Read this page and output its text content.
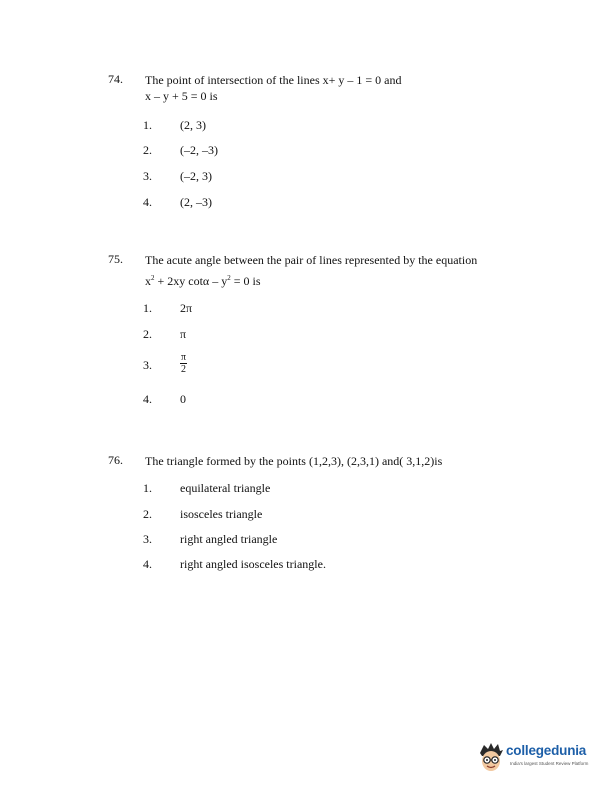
74. The point of intersection of the lines x+ y – 1 = 0 and
x – y + 5 = 0 is
1. (2, 3)
2. (–2, –3)
3. (–2, 3)
4. (2, –3)
75. The acute angle between the pair of lines represented by the equation
$x^2 + 2xy$ $\cot\alpha - y^2 = 0$ is
1. 2π
2. π
3.	$\frac{\pi}{2}$
4. 0
76. The triangle formed by the points (1,2,3), (2,3,1) and( 3,1,2)is
1. equilateral triangle
2. isosceles triangle
3. right angled triangle
4. right angled isosceles triangle.
collegedunia
India's largest Student Review Platform
